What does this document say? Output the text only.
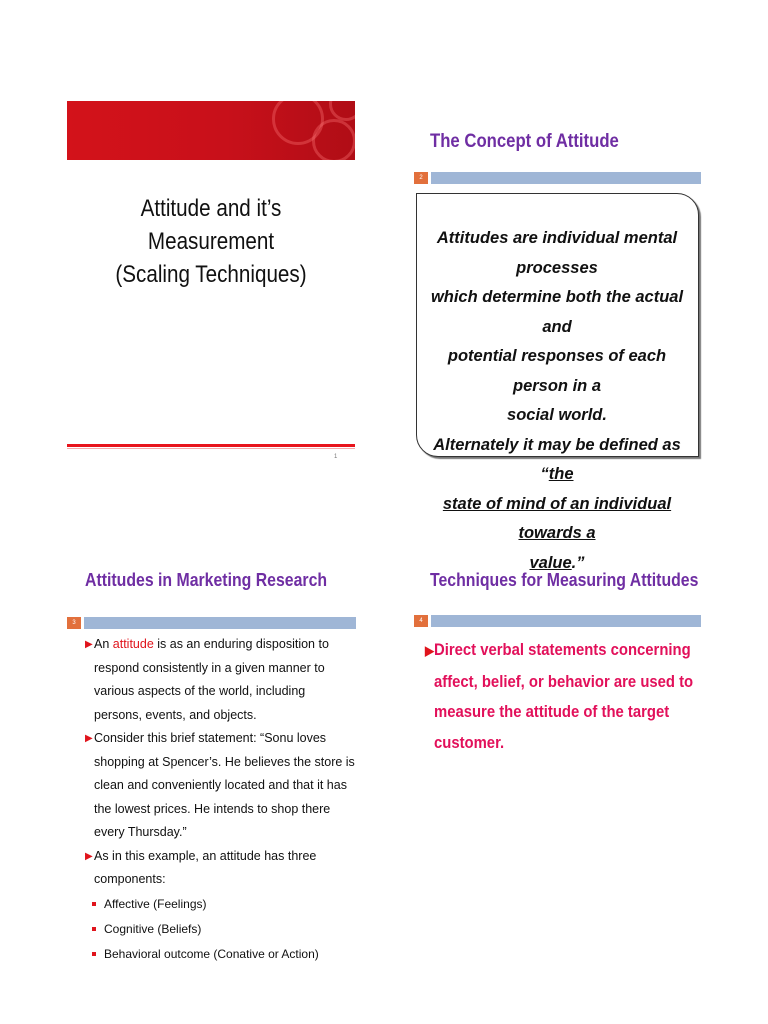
Attitude and it’s Measurement
(Scaling Techniques)
1
The Concept of Attitude
2
Attitudes are individual mental processes
which determine both the actual and
potential responses of each person in a
social world.
Alternately it may be defined as “the
state of mind of an individual towards a
value.”
Attitudes in Marketing Research
3
▶ An attitude is as an enduring disposition to respond consistently in a given manner to various aspects of the world, including persons, events, and objects.
▶ Consider this brief statement: “Sonu loves shopping at Spencer’s. He believes the store is clean and conveniently located and that it has the lowest prices. He intends to shop there every Thursday.”
▶ As in this example, an attitude has three components:
Affective (Feelings)
Cognitive (Beliefs)
Behavioral outcome (Conative or Action)
Techniques for Measuring Attitudes
4
▶Direct verbal statements concerning
affect, belief, or behavior are used to
measure the attitude of the target
customer.
